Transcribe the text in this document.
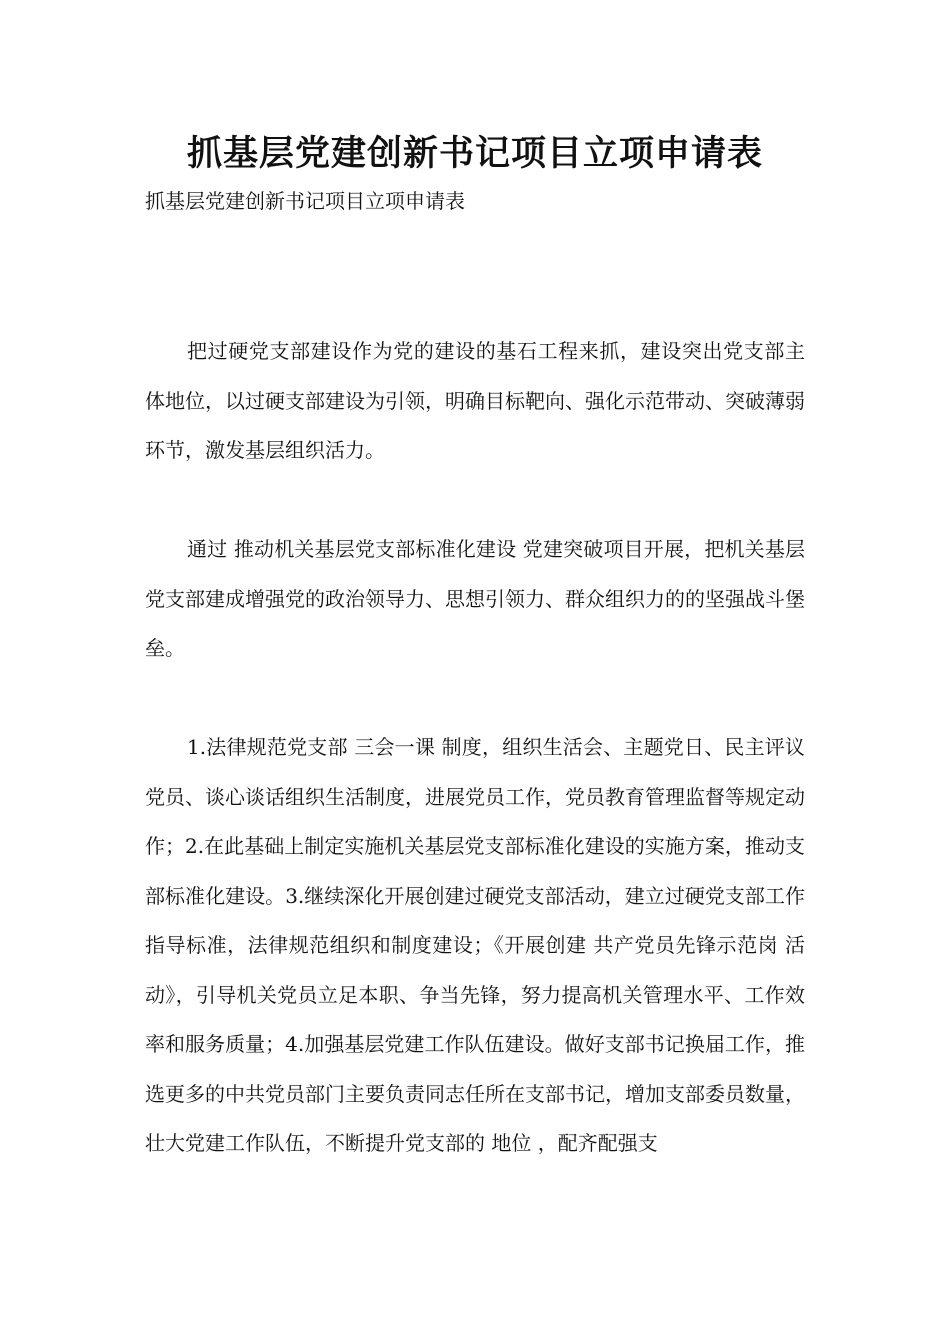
抓基层党建创新书记项目立项申请表

抓基层党建创新书记项目立项申请表

把过硬党支部建设作为党的建设的基石工程来抓，建设突出党支部主体地位，以过硬支部建设为引领，明确目标靶向、强化示范带动、突破薄弱环节，激发基层组织活力。

通过 推动机关基层党支部标准化建设 党建突破项目开展，把机关基层党支部建成增强党的政治领导力、思想引领力、群众组织力的的坚强战斗堡垒。

1.法律规范党支部 三会一课 制度，组织生活会、主题党日、民主评议党员、谈心谈话组织生活制度，进展党员工作，党员教育管理监督等规定动作；2.在此基础上制定实施机关基层党支部标准化建设的实施方案，推动支部标准化建设。3.继续深化开展创建过硬党支部活动，建立过硬党支部工作指导标准，法律规范组织和制度建设；《开展创建 共产党员先锋示范岗 活动》，引导机关党员立足本职、争当先锋，努力提高机关管理水平、工作效率和服务质量；4.加强基层党建工作队伍建设。做好支部书记换届工作，推选更多的中共党员部门主要负责同志任所在支部书记，增加支部委员数量，壮大党建工作队伍，不断提升党支部的 地位 ，配齐配强支
